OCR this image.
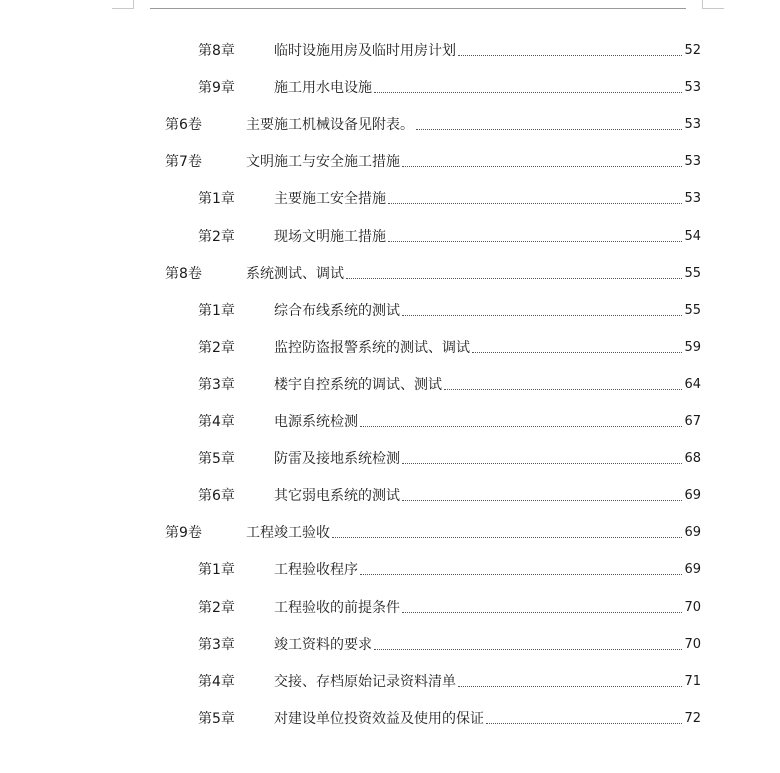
第8章	临时设施用房及临时用房计划	52
第9章	施工用水电设施	53
第6卷	主要施工机械设备见附表。	53
第7卷	文明施工与安全施工措施	53
第1章	主要施工安全措施	53
第2章	现场文明施工措施	54
第8卷	系统测试、调试	55
第1章	综合布线系统的测试	55
第2章	监控防盗报警系统的测试、调试	59
第3章	楼宇自控系统的调试、测试	64
第4章	电源系统检测	67
第5章	防雷及接地系统检测	68
第6章	其它弱电系统的测试	69
第9卷	工程竣工验收	69
第1章	工程验收程序	69
第2章	工程验收的前提条件	70
第3章	竣工资料的要求	70
第4章	交接、存档原始记录资料清单	71
第5章	对建设单位投资效益及使用的保证	72
